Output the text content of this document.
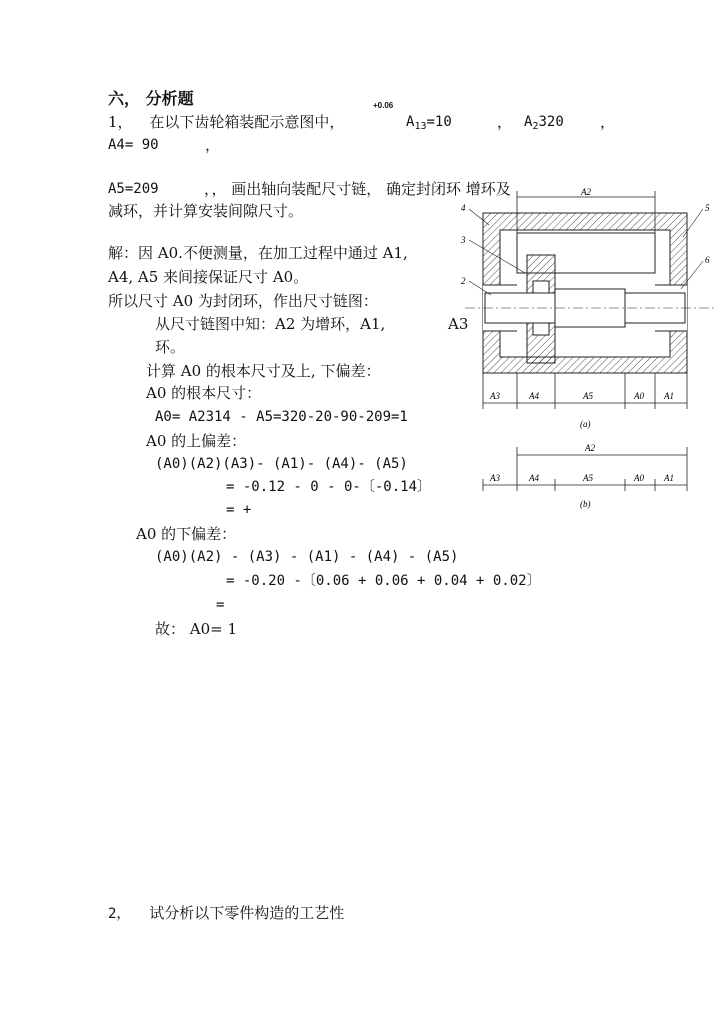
六， 分析题
1， 在以下齿轮箱装配示意图中，
+0.06
$A_{13}=10$	， $A_2320$ ，
A4= 90	，
A5=209	，， 画出轴向装配尺寸链， 确定封闭环 增环及
减环，并计算安装间隙尺寸。
解：因 A0.不便测量，在加工过程中通过 A1,
A4, A5 来间接保证尺寸 A0。
所以尺寸 A0 为封闭环，作出尺寸链图：
从尺寸链图中知：A2 为增环，A1,	A3
环。
计算 A0 的根本尺寸及上, 下偏差：
A0 的根本尺寸：
A0= A2314 - A5=320-20-90-209=1
A0 的上偏差：
(A0)(A2)(A3)- (A1)- (A4)- (A5)
= -0.12 - 0 - 0-〔-0.14〕
= +
A0 的下偏差：
(A0)(A2) - (A3) - (A1) - (A4) - (A5)
= -0.20 -〔0.06 + 0.06 + 0.04 + 0.02〕
=
故： A0= 1
2， 试分析以下零件构造的工艺性
A2
4
3
2
5
6
A3	A4	A5	A0 A1
(a)
A2
A3	A4	A5	A0 A1
(b)
